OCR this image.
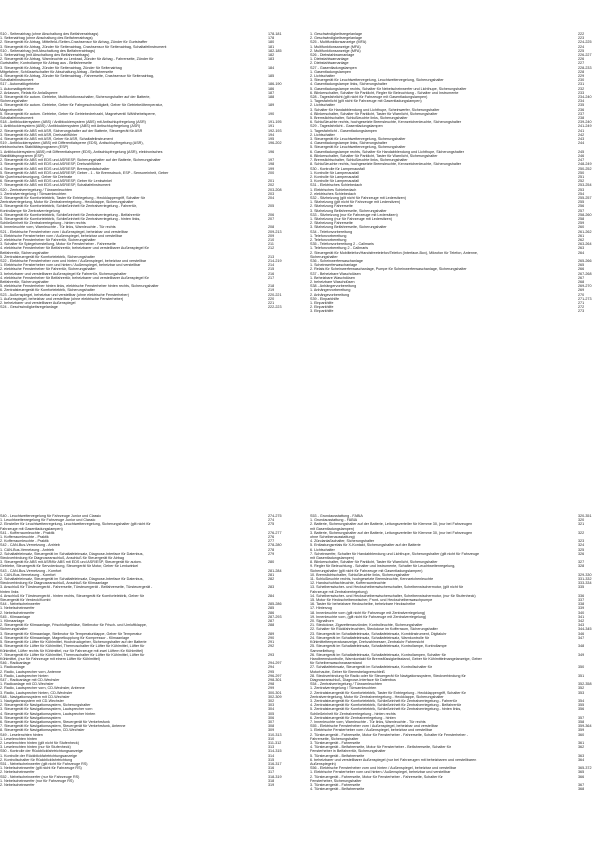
S10 - Seitenairbag (ohne Abschaltung des Beifahrerairbags)	178-181
1. Seitenairbag (ohne Abschaltung des Beifahrerairbags)	178
2. Steuergerät für Airbag, Mittelfeld-/Seiten-Crashsensor für Airbag, Zünder für Gurtstraffer	180
3. Steuergerät für Airbag, Zünder für Seitenairbag, Crashsensor für Seitenairbag, Schaltafelinstrument	181
S10 - Seitenairbag (mit Abschaltung des Beifahrerairbags)	182-185
1. Seitenairbag (mit Abschaltung des Beifahrerairbags)	182
2. Steuergerät für Airbag, Warnleuchte zu Lenkrad, Zünder für Airbag - Fahrerseite, Zünder für	183
Gurtstraffer, Kontrollampe für Airbag aus - Beifahrerseite
3. Steuergerät für Airbag, Zünder für Seitenairbag, Zünder für Seitenairbag	184
Mitgefahrer, Schlüsselschalter für Abschaltung Airbag - Beifahrerseite
4. Steuergerät für Airbag, Zünder für Seitenairbag - Fahrerseite, Crashsensor für Seitenairbag,	185
Schaltafelinstrument
S17 - Automatikgetriebe	186-190
1. Automatikgetriebe	186
2. Anlassen, Relais für Anlaßsperre	187
3. Steuergerät für autom. Getriebe, Multifunktionsschalter, Sicherungshalter auf der Batterie,	188
Sicherungshalter
4. Steuergerät für autom. Getriebe, Geber für Fahrgeschwindigkeit, Geber für Getriebeöltemperatur,	189
Magnetventile
5. Steuergerät für autom. Getriebe, Geber für Getriebedrehzahl, Magnetventil Wählhebelsperre,	190
Schaltafelinstrument
S18 - Antiblockiersystem (ABS) / Antiblockiersystem (ABS) mit Antischlupfregelung (ASR)	191-195
1. Antiblockiersystem (ABS) / Antiblockiersystem (ABS) mit Antischlupfregelung (ASR)	191
2. Steuergerät für ABS mit ASR, Sicherungshalter auf der Batterie, Steuergerät für ASR	192-193
3. Steuergerät für ABS mit ASR, Drehzahlfühler	194
4. Steuergerät für ABS mit ASR, Geber für ASR, Schaltafelinstrument	195
S19 - Antiblockiersystem (ABS) mit Differentialsperre (EDS), Antischlupfregelung (ASR),	196-202
elektronisches Stabilitätsprogramm (ESP)
1. Antiblockiersystem (ABS) mit Differentialsperre (EDS), Antischlupfregelung (ASR), elektronisches	196
Stabilitätsprogramm (ESP)
2. Steuergerät für ABS mit EDS und ASR/ESP, Sicherungshalter auf der Batterie, Sicherungshalter	197
3. Steuergerät für ABS mit EDS und ASR/ESP, Drehzahlfühler	198
4. Steuergerät für ABS mit EDS und ASR/ESP, Bremspedalschalter	199
5. Steuergerät für ABS mit EDS und ASR/ESP, Geber - 1 - für Bremsdruck, ESP - Sensoreinheit, Geber	200
für Querbeschleunigung, Geber für Drehrate
6. Steuergerät für ABS mit EDS und ASR/ESP, Geber für Lenkwinkel	201
7. Steuergerät für ABS mit EDS und ASR/ESP, Schaltafelinstrument	202
S20 - Zentralverriegelung / Türwarnleuchten	203-208
1. Zentralverriegelung / Türwarnleuchten	203
2. Steuergerät für Komfortelektrik, Taster für Entriegelung - Heckklappengriff, Schalter für	204
Zentralverriegelung, Motor für Zentralverriegelung - Heckklappe, Sicherungshalter
3. Steuergerät für Komfortelektrik, Schließeinheit für Zentralverriegelung - Fahrertür,	205
Kontrollampe für Zentralverriegelung
4. Steuergerät für Komfortelektrik, Schließeinheit für Zentralverriegelung - Beifahrertür	206
5. Steuergerät für Komfortelektrik, Schließeinheit für Zentralverriegelung - hinten links,	207
Schließeinheit für Zentralverriegelung - hinten rechts
6. Innenleuchte vorn, Warnleuchte - Tür links, Warnleuchte - Tür rechts	208
S21 - Elektrische Fensterheber vorn / Außenspiegel, beheizbar und verstellbar	209-213
1. Elektrische Fensterheber vorn / Außenspiegel, beheizbar und verstellbar	209
2. elektrische Fensterheber für Fahrertür, Sicherungshalter	210
3. Schalter für Spiegelverstellung, Motor für Fensterheber - Fahrerseite	211
4. elektrische Fensterheber für Beifahrertür, beheizbarer und verstellbarer Außenspiegel für	212
Beifahrertür, Sicherungshalter
5. Zentralsteuergerät für Komfortelektrik, Sicherungshalter	213
S22 - Elektrische Fensterheber vorn und hinten / Außenspiegel, beheizbar und verstellbar	214-219
1. Elektrische Fensterheber vorn und hinten / Außenspiegel, beheizbar und verstellbar	214
2. elektrische Fensterheber für Fahrertür, Sicherungshalter	215
3. beheizbarer und verstellbarer Außenspiegel für Fahrertür, Sicherungshalter	216
4. elektrische Fensterheber für Beifahrertür, beheizbarer und verstellbarer Außenspiegel für	217
Beifahrertür, Sicherungshalter
5. elektrische Fensterheber hinten links, elektrische Fensterheber hinten rechts, Sicherungshalter	218
6. Zentralsteuergerät für Komfortelektrik, Sicherungshalter	219
S23 - Außenspiegel, beheizbar und verstellbar (ohne elektrische Fensterheber)	220-221
1. Außenspiegel, beheizbar und verstellbar (ohne elektrische Fensterheber)	220
2. beheizbarer und verstellbarer Außenspiegel	221
S24 - Geschwindigkeitsregelanlage	222-223
1. Geschwindigkeitsregelanlage	222
2. Geschwindigkeitsregelanlage	223
S25 - Multifunktionsanzeige (MFA)	224-225
1. Multifunktionsanzeige (MFA)	224
2. Multifunktionsanzeige (MFA)	225
S26 - Diebstahlwarnanlage	226-227
1. Diebstahlwarnanlage	226
2. Diebstahlwarnanlage	227
S27 - Gasentladungslampen	228-233
1. Gasentladungslampen	228
2. Lichtschalter	229
3. Steuergerät für Leuchtweitenregelung, Leuchtweitenregelung, Sicherungshalter	230
4. Gasentladungslampe links, Sicherungshalter	231
5. Gasentladungslampe rechts, Schalter für Nebelscheinwerfer und Lichthupe, Sicherungshalter	232
6. Blinkerschalter, Schalter für Parklicht, Regler für Beleuchtung - Schalter und Instrumente	233
S28 - Tagesfahrlicht (gilt nicht für Fahrzeuge mit Gasentladungslampen)	234-240
1. Tagesfahrlicht (gilt nicht für Fahrzeuge mit Gasentladungslampen)	234
2. Lichtschalter	235
3. Schalter für Handabblendung und Lichthupe, Scheinwerfer, Sicherungshalter	236
4. Blinkerschalter, Schalter für Parklicht, Taster für Warnlicht, Sicherungshalter	237
5. Bremslichtschalter, Schlußleuchte links, Sicherungshalter	238
6. Schlußleuchte rechts, hochgesetzte Bremsleuchte, Kennzeichenleuchte, Sicherungshalter	239-240
S29 - Tagesfahrlicht - Gasentladungslampen	241-249
1. Tagesfahrlicht - Gasentladungslampen	241
2. Lichtschalter	242
3. Steuergerät für Leuchtweitenregelung, Sicherungshalter	243
4. Gasentladungslampe links, Sicherungshalter	244
5. Steuergerät für Leuchtweitenregelung, Sicherungshalter
6. Gasentladungslampe rechts, Schalter für Handabblendung und Lichthupe, Sicherungshalter	245
6. Blinkerschalter, Schalter für Parklicht, Taster für Warnlicht, Sicherungshalter	246
7. Bremslichtschalter, Schlußleuchte links, Sicherungshalter	247
8. Schlußleuchte rechts, hochgesetzte Bremsleuchte, Kennzeichenleuchte, Sicherungshalter	248-249
S30 - Kontrolle für Lampenausfall	250-252
1. Kontrolle für Lampenausfall	250
2. Kontrolle für Lampenausfall	251
3. Kontrolle für Lampenausfall	252
S31 - Elektrisches Schiebedach	253-254
1. Elektrisches Schiebedach	253
2. elektrisches Schiebedach	254
S32 - Sitzheizung (gilt nicht für Fahrzeuge mit Ledersitzen)	255-257
1. Sitzheizung (gilt nicht für Fahrzeuge mit Ledersitzen)	255
2. Sitzheizung Fahrerseite	256
3. Sitzheizung Beifahrerseite, Sicherungshalter	257
S33 - Sitzheizung (nur für Fahrzeuge mit Ledersitzen)	258-260
1. Sitzheizung (nur für Fahrzeuge mit Ledersitzen)	258
2. Sitzheizung Fahrerseite	259
3. Sitzheizung Beifahrerseite, Sicherungshalter	260
S34 - Telefonvorbereitung	261-262
1. Telefonvorbereitung	261
2. Telefonvorbereitung	262
S35 - Telefonvorbereitung 2 - Callmaris	263-264
1. Telefonvorbereitung 2 - Callmaris	263
2. Steuergerät für Mobiltelefon/Handsfreetelefon/Telefon (Interface-Box), Mikrofon für Telefon, Antenne,	264
Sicherungshalter
S36 - Scheinwerferwaschanlage	265-266
1. Scheinwerferwaschanlage	265
2. Relais für Scheinwerferwaschanlage, Pumpe für Scheinwerferwaschanlage, Sicherungshalter	266
S37 - Beheizbare Waschdüsen	267-268
1. Beheizbare Waschdüsen	267
2. beheizbare Waschdüsen	268
S38 - Anhängervorbereitung	269-270
1. Anhängervorbereitung	269
2. Anhängevorbereitung	270
S39 - Einparkhilfe	271-273
1. Einparkhilfe	271
2. Einparkhilfe	272
3. Einparkhilfe	273
S40 - Leuchtweitenregelung für Fahrzeuge Junior und Classic	274-275
1. Leuchtweitenregelung für Fahrzeuge Junior und Classic	274
2. Einsteller für Leuchtweitenregelung, Leuchtweitenregelung, Sicherungshalter (gilt nicht für	275
Fahrzeuge mit Gasentladungslampen)
S41 - Kofferraumleuchte - Praktik	276-277
1. Kofferraumleuchte - Praktik	276
2. Kofferraumleuchte - Praktik	277
S42 - CAN-Bus-Vernetzung - Antrieb	278-280
1. CAN-Bus-Vernetzung - Antrieb	278
2. Schaltafeleinsatz, Steuergerät im Schaltafeleinsatz, Diagnose-Interface für Datenbus,	279
Steckverbindung für Diagnoseanschluß, Anschluß für Steuergerät für Airbag
3. Steuergerät für ABS mit ASR/für ABS mit EDS und ASR/ESP, Steuergerät für autom.	280
Getriebe, Steuergerät für Servolenkung, Steuergerät für Motor, Geber für Lenkwinkel
S43 - CAN-Bus-Vernetzung - Komfort	281-284
1. CAN-Bus-Vernetzung - Komfort	281
2. Schaltafeleinsatz, Steuergerät im Schaltafeleinsatz, Diagnose-Interface für Datenbus,	282
Steckverbindung für Diagnoseanschluß, Anschluß für Klimaanlage
3. Anschluß für Türsteuergerät - Fahrerseite, Türsteuergerät - Beifahrerseite, Türsteuergerät -	283
hinten links
4. Anschluß für Türsteuergerät - hinten rechts, Steuergerät für Komfortelektrik, Geber für	284
Steuergerät für Verdeck/Kombi
S44 - Nebelscheinwerfer	285-286
1. Nebelscheinwerfer	285
2. Nebelscheinwerfer	286
S45 - Klimaanlage	287-293
1. Klimaanlage	287
2. Steuergerät für Klimaanlage, Frischluftgebläse, Stellmotor für Frisch- und Umluftklappe,	288
Sicherungshalter
3. Steuergerät für Klimaanlage, Stellmotor für Temperaturklappe, Geber für Temperatur	289
4. Steuergerät für Klimaanlage, Magnetkupplung für Kompressor - Klimaanlage	290
5. Steuergerät für Lüfter für Kühlmittel, Hochdruckgeber, Sicherungshalter auf der Batterie	291
6. Steuergerät für Lüfter für Kühlmittel, Thermoschalter für Lüfter für Kühlmittel, Lüfter für	292
Kühlmittel, Lüfter rechts für Kühlmittel, nur für Fahrzeuge mit zwei Lüftern für Kühlmittel)
7. Steuergerät für Lüfter für Kühlmittel, Thermoschalter für Lüfter für Kühlmittel, Lüfter für	293
Kühlmittel, (nur für Fahrzeuge mit einem Lüfter für Kühlmittel)
S46 - Radioanlage	294-297
1. Radioanlage	294
2. Radio, Lautsprecher vorn, Antenne	295
3. Radio, Lautsprecher hinten	296-297
S47 - Radioanlage mit CD-Wechsler	298-301
1. Radioanlage mit CD-Wechsler	298
2. Radio, Lautsprecher vorn, CD-Wechsler, Antenne	299
3. Radio, Lautsprecher hinten, CD-Wechsler	300-301
S48 - Navigationssystem mit CD-Wechsler	302-309
1. Navigationssystem mit CD-Wechsler	302
2. Steuergerät für Navigationssystem, Sicherungshalter	303
3. Steuergerät für Navigationssystem, Lautsprecher vorn	304
4. Steuergerät für Navigationssystem, Lautsprecher hinten	305
5. Steuergerät für Navigationssystem	306
6. Steuergerät für Navigationssystem, Steuergerät für Verkehrsfunk	307
7. Steuergerät für Navigationssystem, Steuergerät für Verkehrsfunk, Antenne	308
8. Steuergerät für Navigationssystem, CD-Wechsler	309
S49 - Leselenchten hinten	310-313
1. Leselenchten hinten	310
2. Leselenchten hinten (gilt nicht für Stufenheck)	311-312
3. Leselenchten hinten (nur für Stufenheck)	313
S50 - Kontrolle der Rückblickfahrtrichtungsanzeige	314-315
1. Kontrolle der Rückblickfahrtrichtungsanzeige	314
2. Kontrollschalter für Rückblickfahrtrichtung	315
S51 - Nebelscheinwerfer (gilt nicht für Fahrzeuge RS)	316-317
1. Nebelscheinwerfer (gilt nicht für Fahrzeuge RS)	316
2. Nebelscheinwerfer	317
S52 - Nebelscheinwerfer (nur für Fahrzeuge RS)	318-319
1. Nebelscheinwerfer (nur für Fahrzeuge RS)	318
2. Nebelscheinwerfer	319
S53 - Grundausstattung - FABIA	320-351
1. Grundausstattung - FABIA	320
2. Batterie, Sicherungshalter auf der Batterie, Leitungsverteiler für Klemme 30, (nur bei Fahrzeugen	321
mit Gasentladungslampen)
3. Batterie, Sicherungshalter auf der Batterie, Leitungsverteiler für Klemme 30, (nur bei Fahrzeugen	322
ohne Scheibenausstattung)
4. Zündanlaßschalter, Sicherungshalter	323
5. Entlastungsrelais für X-Kontakt, Sicherungshalter auf der Batterie	324
6. Lichtschalter	325
7. Scheinwerfer, Schalter für Handabblendung und Lichthupe, Sicherungshalter (gilt nicht für Fahrzeuge	326
mit Gasentladungslampen)
8. Blinkerschalter, Schalter für Parklicht, Taster für Warnlicht, Sicherungshalter	327
9. Regler für Beleuchtung - Schalter und Instrumente, Schalter für Leuchtweitenregelung,	328
Sicherungshalter (gilt nicht für Fahrzeuge mit Gasentladungslampen)
10. Bremslichtschalter, Schlußleuchte links, Sicherungshalter	329-330
11. Schlußleuchte rechts, hochgesetzte Bremsleuchte, Kennzeichenleuchte	331-332
12. Handschuhfachleuchte, Kofferraumleuchte	333-334
13. Scheibenwischer- und Heckscheibenwischerschalter, Scheibenwischermotor, (gilt nicht für	335
Fahrzeuge mit Zentralverriegelung)
14. Scheibenwischer- und Heckscheibenwischerschalter, Scheibenwischermotor, (nur für Stufenheck)	336
15. Motor für Heckscheibenwischer, Front- und Heckscheibenwaschpumpe	337
16. Taster für beheizbare Heckscheibe, beheizbare Heckscheibe	338
17. Hinterzug	339
18. Innenleuchte vorn (gilt nicht für Fahrzeuge mit Zentralverriegelung)	340
19. Innenleuchte vorn, (gilt nicht für Fahrzeuge mit Zentralverriegelung)	341
20. Signalhorn	342
21. Steckdose, Zigarettenanzünder, Kontrolleuchte, Sicherungshalter	343
22. Schalter für Rückfahrleuchten, Steckdose im Kofferraum, Sicherungshalter	344-345
23. Steuergerät im Schaltafeleinsatz, Schaltafeleinsatz, Kombiinstrument, Digitaluhr	346
24. Steuergerät im Schaltafeleinsatz, Schaltafeleinsatz, Warnkontrolle für	347
Kühlmitteltemperaturanzeige, Drehzahlmesser, Zentraluhr Fahrersicht
25. Steuergerät im Schaltafeleinsatz, Schaltafeleinsatz, Kontrollampe, Kontrollampe	348
Sammelleitung
26. Steuergerät im Schaltafeleinsatz, Schaltafeleinsatz, Kontrollampen, Schalter für	349
Handbremskontrolle, Warnkontakt für Bremsflüssigkeitsstand, Geber für Kühlmittelmangelanzeige, Geber
für Scheibenwaschwasserstand
27. Schaltafeleinsatz, Steuergerät im Schaltafeleinsatz, Kontrollschalter für	350
Motorhaube, Geber für Bremsbelagverschleiß
28. Steckverbindung für Radio oder für Steuergerät für Navigationssystem, Steckverbindung für	351
Diagnoseanschluß, Diagnose-Interface für Datenbus
S54 - Zentralverriegelung / Türwarnleuchten	352-358
1. Zentralverriegelung / Türwarnleuchten	352
2. Zentralsteuergerät für Komfortelektrik, Taster für Entriegelung - Heckklappengriff, Schalter für	353
Zentralverriegelung, Motor für Zentralverriegelung - Heckklappe, Sicherungshalter
3. Zentralsteuergerät für Komfortelektrik, Schließeinheit für Zentralverriegelung - Fahrertür	354
4. Zentralsteuergerät für Komfortelektrik, Schließeinheit für Zentralverriegelung - Beifahrertür	355
5. Zentralsteuergerät für Komfortelektrik, Schließeinheit für Zentralverriegelung - hinten links,	356
Schließeinheit für Zentralverriegelung - hinten rechts
6. Zentralsteuergerät für Zentralverriegelung - hinten	357
7. Innenleuchte vorn, Warnleuchte - Tür links, Warnleuchte - Tür rechts	358
S55 - Elektrische Fensterheber vorn / Außenspiegel, beheizbar und verstellbar	359-364
1. Elektrische Fensterheber vorn / Außenspiegel, beheizbar und verstellbar	359
2. Türsteuergerät - Fahrerseite, Motor für Fensterheber - Fahrerseite, Schalter für Fensterheber -	360
Fahrerseite, Sicherungshalter
3. Türsteuergerät - Fahrerseite	361
4. Türsteuergerät - Beifahrerseite, Motor für Fensterheber - Beifahrerseite, Schalter für	362
Fensterheber in Beifahrertür, Sicherungshalter
5. Türsteuergerät - Beifahrerseite	363
6. beheizbarer und verstellbarer Außenspiegel (nur bei Fahrzeugen mit beheizbaren und verstellbaren	364
Außenspiegeln)
S56 - Elektrische Fensterheber vorn und hinten / Außenspiegel, beheizbar und verstellbar	365-372
1. Elektrische Fensterheber vorn und hinten / Außenspiegel, beheizbar und verstellbar	365
2. Türsteuergerät - Fahrerseite, Motor für Fensterheber - Fahrerseite, Schalter für	366
Fensterheber, Sicherungshalter
3. Türsteuergerät - Fahrerseite	367
4. Türsteuergerät - Beifahrerseite	368
